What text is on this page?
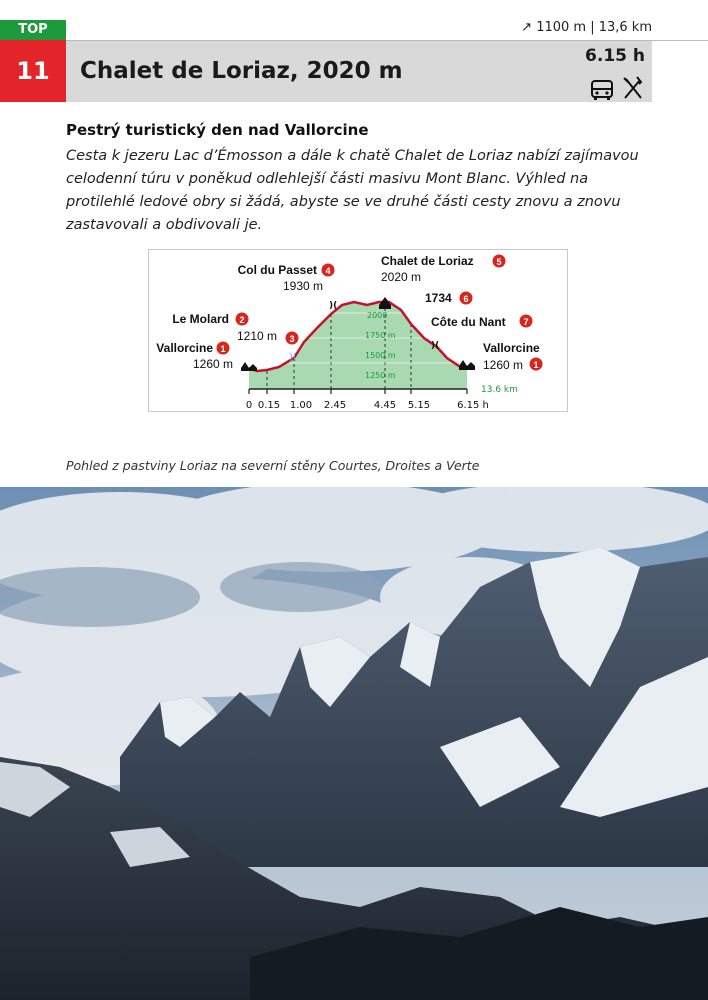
TOP
11
↗ 1100 m | 13,6 km
Chalet de Loriaz, 2020 m
6.15 h
Pestrý turistický den nad Vallorcine

Cesta k jezeru Lac d’Émosson a dále k chatě Chalet de Loriaz nabízí zajímavou celodenní túru v poněkud odlehlejší části masivu Mont Blanc. Výhled na protilehlé ledové obry si žádá, abyste se ve druhé části cesty znovu a znovu zastavovali a obdivovali je.

)(
)(
)(
2000
1750 m
1500 m
1250 m
13.6 km
0 0.15 1.00 2.45	4.45 5.15	6.15 h
Vallorcine 1
1260 m
Le Molard 2
1210 m 3
Col du Passet 4
1930 m
Chalet de Loriaz	5
2020 m
1734 6
Côte du Nant 7
Vallorcine
1260 m 1
Pohled z pastviny Loriaz na severní stěny Courtes, Droites a Verte
